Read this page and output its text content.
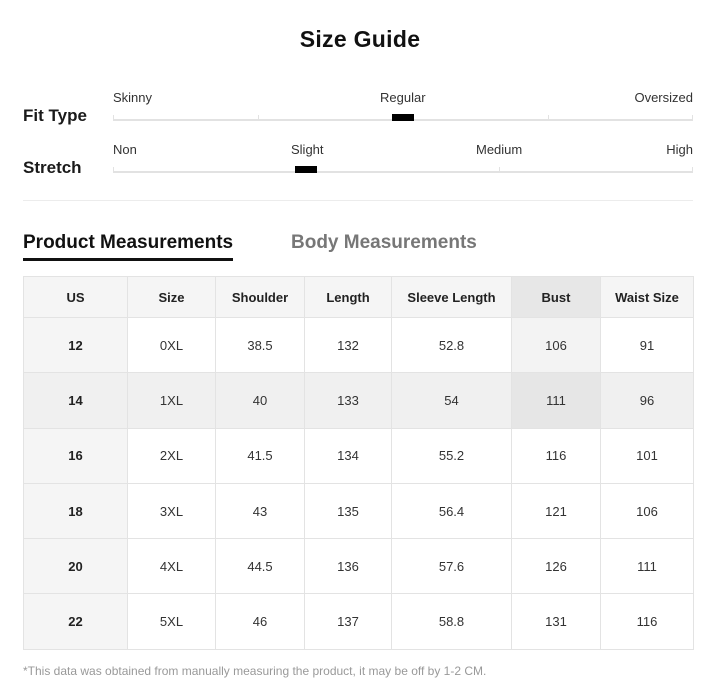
Size Guide
Fit Type
Skinny	Regular	Oversized
Stretch
Non	Slight	Medium	High
Product Measurements	Body Measurements
US	Size	Shoulder	Length	Sleeve Length	Bust	Waist Size
12	0XL	38.5	132	52.8	106	91
14	1XL	40	133	54	111	96
16	2XL	41.5	134	55.2	116	101
18	3XL	43	135	56.4	121	106
20	4XL	44.5	136	57.6	126	111
22	5XL	46	137	58.8	131	116
*This data was obtained from manually measuring the product, it may be off by 1-2 CM.
